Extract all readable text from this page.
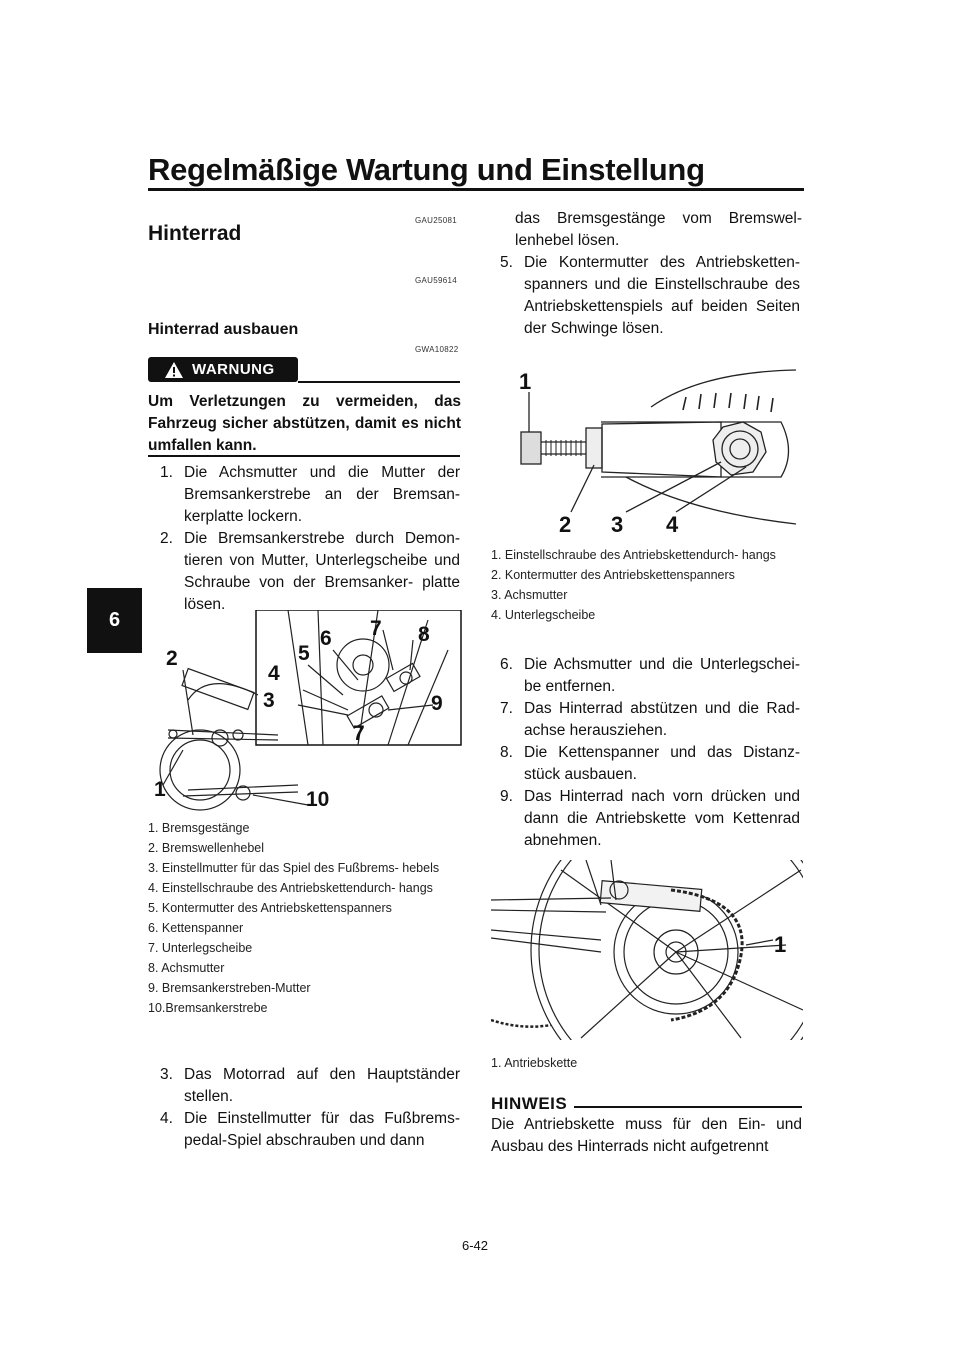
Regelmäßige Wartung und Einstellung
6
GAU25081
Hinterrad
GAU59614
Hinterrad ausbauen
GWA10822
WARNUNG
Um Verletzungen zu vermeiden, das Fahrzeug sicher abstützen, damit es nicht umfallen kann.
1. Die Achsmutter und die Mutter der Bremsankerstrebe an der Bremsan- kerplatte lockern.
2. Die Bremsankerstrebe durch Demon- tieren von Mutter, Unterlegscheibe und Schraube von der Bremsanker- platte lösen.
1
2
3
4
5
6 7
7
8
9
10
1. Bremsgestänge
2. Bremswellenhebel
3. Einstellmutter für das Spiel des Fußbrems- hebels
4. Einstellschraube des Antriebskettendurch- hangs
5. Kontermutter des Antriebskettenspanners
6. Kettenspanner
7. Unterlegscheibe
8. Achsmutter
9. Bremsankerstreben-Mutter
10.Bremsankerstrebe
3. Das Motorrad auf den Hauptständer stellen.
4. Die Einstellmutter für das Fußbrems- pedal-Spiel abschrauben und dann
das Bremsgestänge vom Bremswel- lenhebel lösen.
5. Die Kontermutter des Antriebsketten- spanners und die Einstellschraube des Antriebskettenspiels auf beiden Seiten der Schwinge lösen.
1
2 3 4
1. Einstellschraube des Antriebskettendurch- hangs
2. Kontermutter des Antriebskettenspanners
3. Achsmutter
4. Unterlegscheibe
6. Die Achsmutter und die Unterlegschei- be entfernen.
7. Das Hinterrad abstützen und die Rad- achse herausziehen.
8. Die Kettenspanner und das Distanz- stück ausbauen.
9. Das Hinterrad nach vorn drücken und dann die Antriebskette vom Kettenrad abnehmen.
1
1. Antriebskette
HINWEIS
Die Antriebskette muss für den Ein- und Ausbau des Hinterrads nicht aufgetrennt
6-42
